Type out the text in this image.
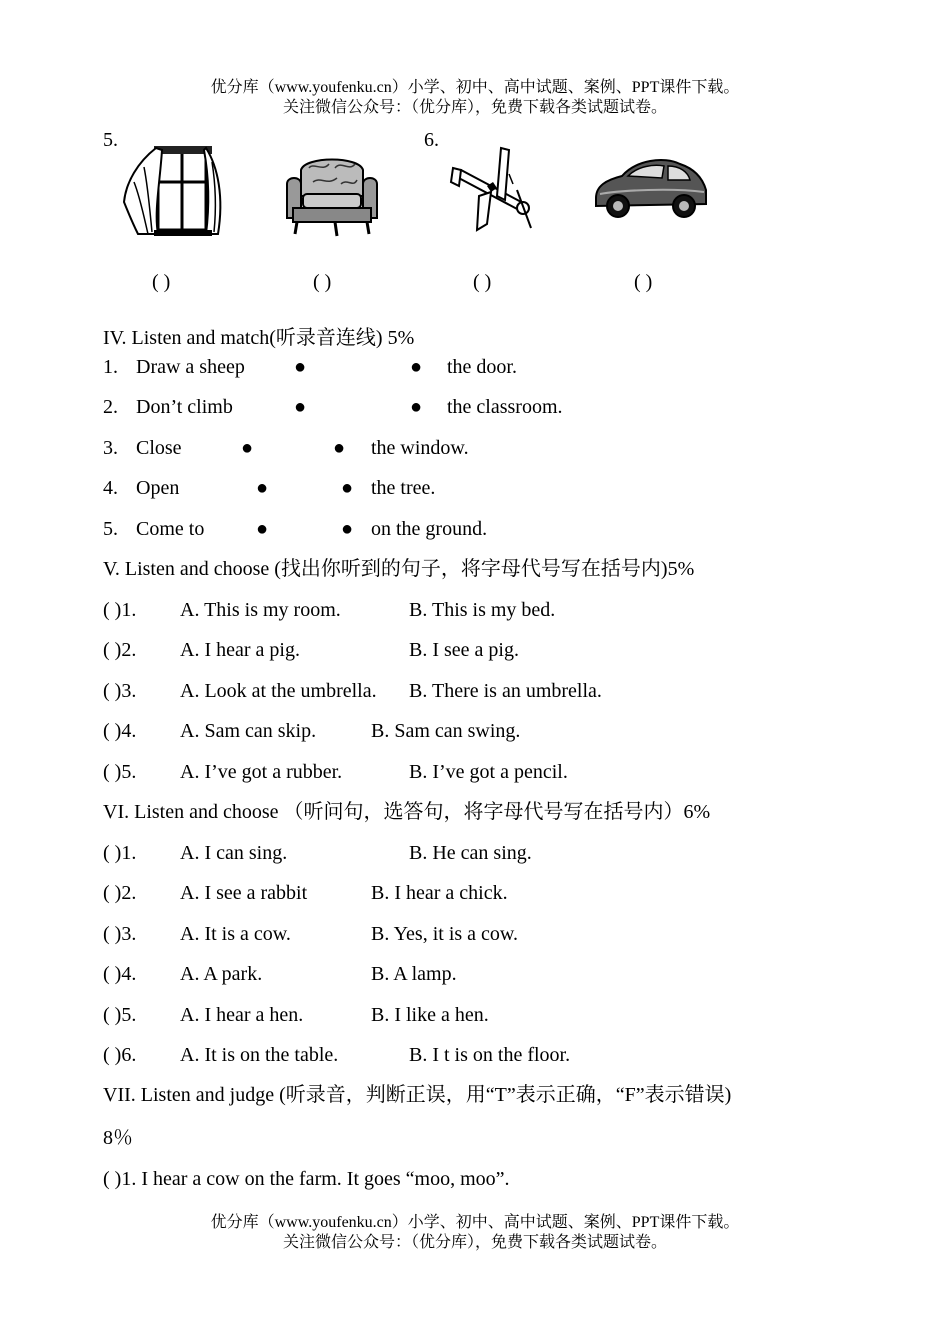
优分库（www.youfenku.cn）小学、初中、高中试题、案例、PPT课件下载。
关注微信公众号：（优分库），免费下载各类试题试卷。
5.	6.
( )	( )	( )	( )
IV. Listen and match(听录音连线) 5%
1. Draw a sheep ●	● the door.
2. Don’t climb	●	● the classroom.
3. Close	●	● the window.
4. Open	●	● the tree.
5. Come to	●	● on the ground.
V. Listen and choose (找出你听到的句子，将字母代号写在括号内)5%
( )1. A. This is my room.	B. This is my bed.
( )2. A. I hear a pig.	B. I see a pig.
( )3. A. Look at the umbrella. B. There is an umbrella.
( )4. A. Sam can skip.	B. Sam can swing.
( )5. A. I’ve got a rubber.	B. I’ve got a pencil.
VI. Listen and choose （听问句，选答句，将字母代号写在括号内）6%
( )1. A. I can sing.	B. He can sing.
( )2. A. I see a rabbit	B. I hear a chick.
( )3. A. It is a cow.	B. Yes, it is a cow.
( )4. A. A park.	B. A lamp.
( )5. A. I hear a hen.	B. I like a hen.
( )6. A. It is on the table.	B. I t is on the floor.
VII. Listen and judge (听录音，判断正误，用“T”表示正确，“F”表示错误)
8％
( )1. I hear a cow on the farm. It goes “moo, moo”.
优分库（www.youfenku.cn）小学、初中、高中试题、案例、PPT课件下载。
关注微信公众号：（优分库），免费下载各类试题试卷。
